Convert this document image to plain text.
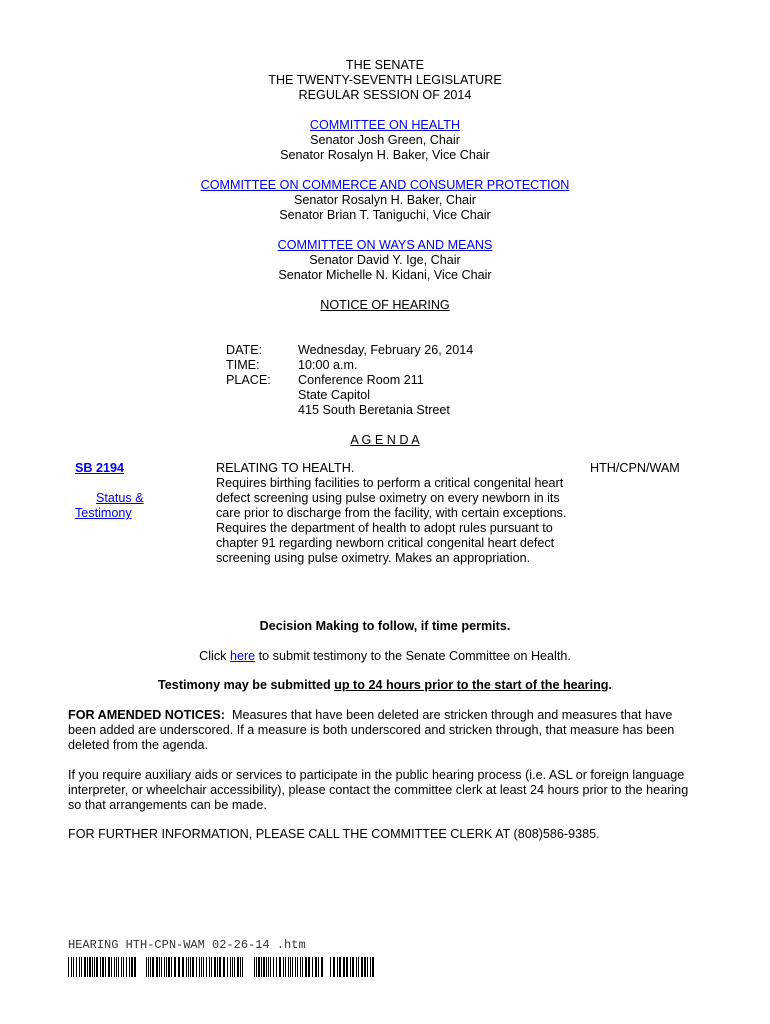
THE SENATE
THE TWENTY-SEVENTH LEGISLATURE
REGULAR SESSION OF 2014
COMMITTEE ON HEALTH
Senator Josh Green, Chair
Senator Rosalyn H. Baker, Vice Chair
COMMITTEE ON COMMERCE AND CONSUMER PROTECTION
Senator Rosalyn H. Baker, Chair
Senator Brian T. Taniguchi, Vice Chair
COMMITTEE ON WAYS AND MEANS
Senator David Y. Ige, Chair
Senator Michelle N. Kidani, Vice Chair
NOTICE OF HEARING
DATE:
TIME:
PLACE:
Wednesday, February 26, 2014
10:00 a.m.
Conference Room 211
State Capitol
415 South Beretania Street
A G E N D A
SB 2194
Status &
Testimony
RELATING TO HEALTH.
Requires birthing facilities to perform a critical congenital heart
defect screening using pulse oximetry on every newborn in its
care prior to discharge from the facility, with certain exceptions.
Requires the department of health to adopt rules pursuant to
chapter 91 regarding newborn critical congenital heart defect
screening using pulse oximetry. Makes an appropriation.
HTH/CPN/WAM
Decision Making to follow, if time permits.
Click here to submit testimony to the Senate Committee on Health.
Testimony may be submitted up to 24 hours prior to the start of the hearing.
FOR AMENDED NOTICES:  Measures that have been deleted are stricken through and measures that have
been added are underscored. If a measure is both underscored and stricken through, that measure has been
deleted from the agenda.
If you require auxiliary aids or services to participate in the public hearing process (i.e. ASL or foreign language
interpreter, or wheelchair accessibility), please contact the committee clerk at least 24 hours prior to the hearing
so that arrangements can be made.
FOR FURTHER INFORMATION, PLEASE CALL THE COMMITTEE CLERK AT (808)586-9385.
HEARING HTH-CPN-WAM 02-26-14 .htm
